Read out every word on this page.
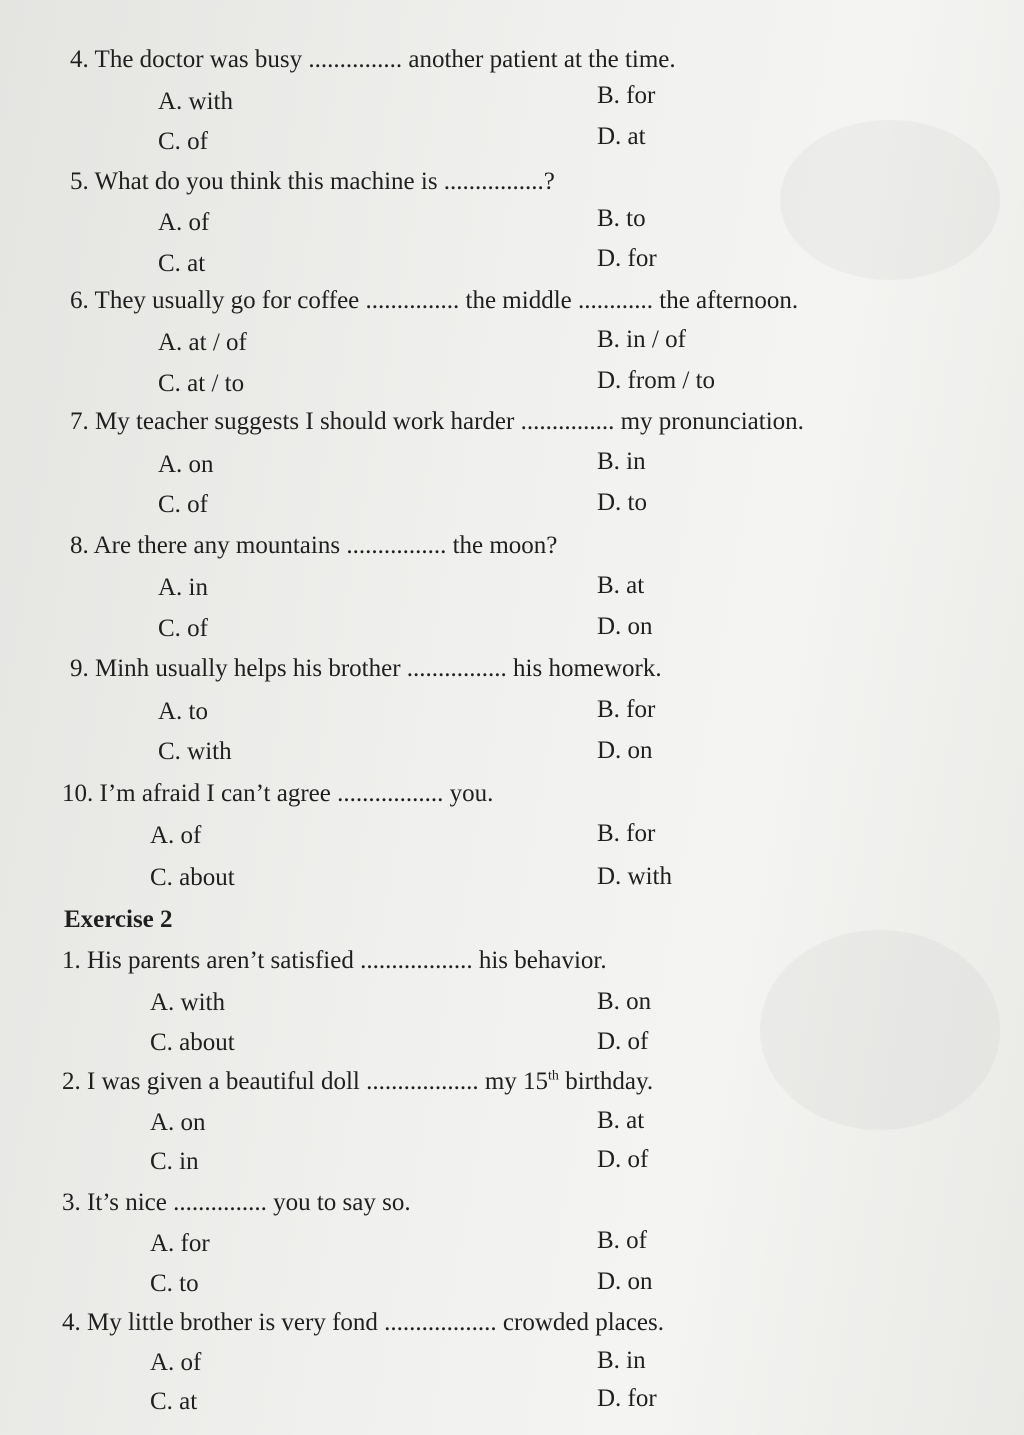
4. The doctor was busy ............... another patient at the time.
A. with	B. for
C. of	D. at
5. What do you think this machine is ................?
A. of	B. to
C. at	D. for
6. They usually go for coffee ............... the middle ............ the afternoon.
A. at / of	B. in / of
C. at / to	D. from / to
7. My teacher suggests I should work harder ............... my pronunciation.
A. on	B. in
C. of	D. to
8. Are there any mountains ................ the moon?
A. in	B. at
C. of	D. on
9. Minh usually helps his brother ................ his homework.
A. to	B. for
C. with	D. on
10. I’m afraid I can’t agree ................. you.
A. of	B. for
C. about	D. with
Exercise 2
1. His parents aren’t satisfied .................. his behavior.
A. with	B. on
C. about	D. of
2. I was given a beautiful doll .................. my 15th birthday.
A. on	B. at
C. in	D. of
3. It’s nice ............... you to say so.
A. for	B. of
C. to	D. on
4. My little brother is very fond .................. crowded places.
A. of	B. in
C. at	D. for
